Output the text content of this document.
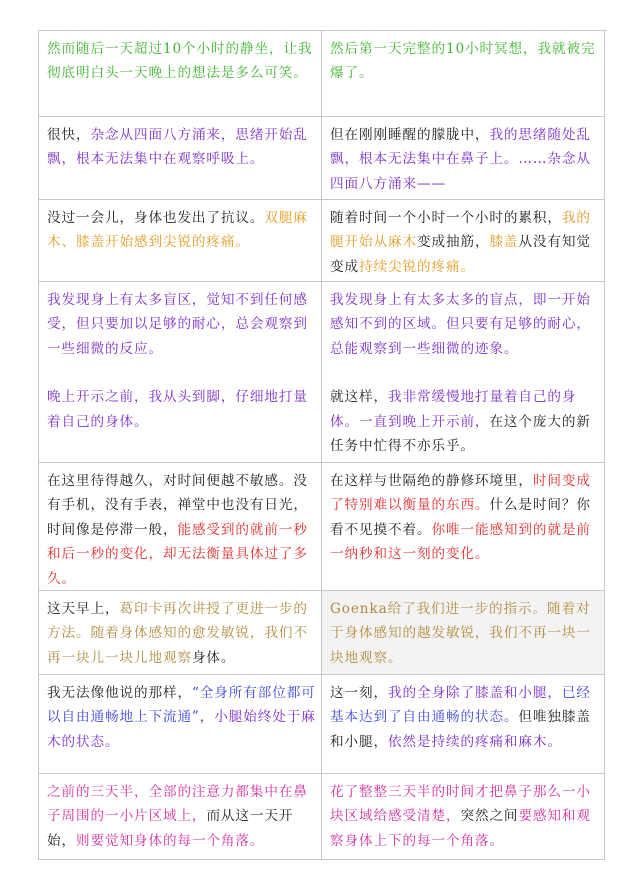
然而随后一天超过10个小时的静坐，让我彻底明白头一天晚上的想法是多么可笑。

然后第一天完整的10小时冥想，我就被完爆了。

很快，杂念从四面八方涌来，思绪开始乱飘，根本无法集中在观察呼吸上。

但在刚刚睡醒的朦胧中，我的思绪随处乱飘，根本无法集中在鼻子上。……杂念从四面八方涌来——

没过一会儿，身体也发出了抗议。双腿麻木、膝盖开始感到尖锐的疼痛。

随着时间一个小时一个小时的累积，我的腿开始从麻木变成抽筋，膝盖从没有知觉变成持续尖锐的疼痛。

我发现身上有太多盲区，觉知不到任何感受，但只要加以足够的耐心，总会观察到一些细微的反应。

晚上开示之前，我从头到脚，仔细地打量着自己的身体。

我发现身上有太多太多的盲点，即一开始感知不到的区域。但只要有足够的耐心，总能观察到一些细微的迹象。

就这样，我非常缓慢地打量着自己的身体。一直到晚上开示前，在这个庞大的新任务中忙得不亦乐乎。

在这里待得越久，对时间便越不敏感。没有手机，没有手表，禅堂中也没有日光，时间像是停滞一般，能感受到的就前一秒和后一秒的变化，却无法衡量具体过了多久。

在这样与世隔绝的静修环境里，时间变成了特别难以衡量的东西。什么是时间？你看不见摸不着。你唯一能感知到的就是前一纳秒和这一刻的变化。

这天早上，葛印卡再次讲授了更进一步的方法。随着身体感知的愈发敏锐，我们不再一块儿一块儿地观察身体。

Goenka给了我们进一步的指示。随着对于身体感知的越发敏锐，我们不再一块一块地观察。

我无法像他说的那样，“全身所有部位都可以自由通畅地上下流通”，小腿始终处于麻木的状态。

这一刻，我的全身除了膝盖和小腿，已经基本达到了自由通畅的状态。但唯独膝盖和小腿，依然是持续的疼痛和麻木。

之前的三天半，全部的注意力都集中在鼻子周围的一小片区域上，而从这一天开始，则要觉知身体的每一个角落。

花了整整三天半的时间才把鼻子那么一小块区域给感受清楚，突然之间要感知和观察身体上下的每一个角落。
